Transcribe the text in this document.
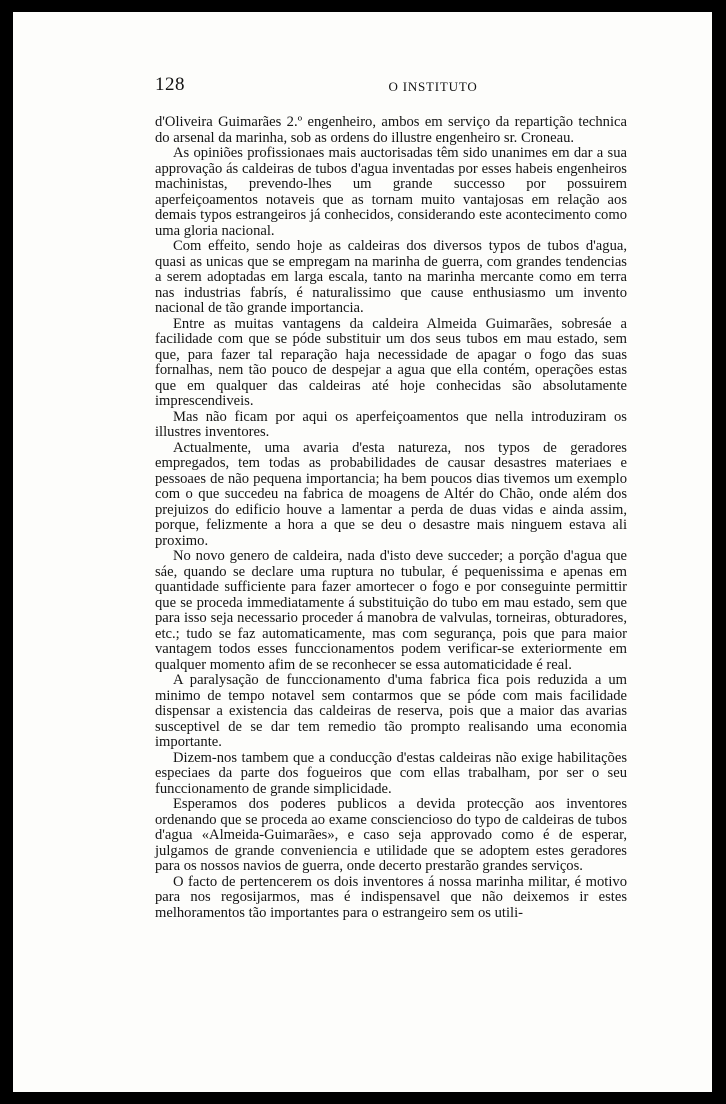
128	O INSTITUTO

d'Oliveira Guimarães 2.º engenheiro, ambos em serviço da repartição technica do arsenal da marinha, sob as ordens do illustre engenheiro sr. Croneau.

As opiniões profissionaes mais auctorisadas têm sido unanimes em dar a sua approvação ás caldeiras de tubos d'agua inventadas por esses habeis engenheiros machinistas, prevendo-lhes um grande successo por possuirem aperfeiçoamentos notaveis que as tornam muito vantajosas em relação aos demais typos estrangeiros já conhecidos, considerando este acontecimento como uma gloria nacional.

Com effeito, sendo hoje as caldeiras dos diversos typos de tubos d'agua, quasi as unicas que se empregam na marinha de guerra, com grandes tendencias a serem adoptadas em larga escala, tanto na marinha mercante como em terra nas industrias fabrís, é naturalissimo que cause enthusiasmo um invento nacional de tão grande importancia.

Entre as muitas vantagens da caldeira Almeida Guimarães, sobresáe a facilidade com que se póde substituir um dos seus tubos em mau estado, sem que, para fazer tal reparação haja necessidade de apagar o fogo das suas fornalhas, nem tão pouco de despejar a agua que ella contém, operações estas que em qualquer das caldeiras até hoje conhecidas são absolutamente imprescendiveis.

Mas não ficam por aqui os aperfeiçoamentos que nella introduziram os illustres inventores.

Actualmente, uma avaria d'esta natureza, nos typos de geradores empregados, tem todas as probabilidades de causar desastres materiaes e pessoaes de não pequena importancia; ha bem poucos dias tivemos um exemplo com o que succedeu na fabrica de moagens de Altér do Chão, onde além dos prejuizos do edificio houve a lamentar a perda de duas vidas e ainda assim, porque, felizmente a hora a que se deu o desastre mais ninguem estava ali proximo.

No novo genero de caldeira, nada d'isto deve succeder; a porção d'agua que sáe, quando se declare uma ruptura no tubular, é pequenissima e apenas em quantidade sufficiente para fazer amortecer o fogo e por conseguinte permittir que se proceda immediatamente á substituição do tubo em mau estado, sem que para isso seja necessario proceder á manobra de valvulas, torneiras, obturadores, etc.; tudo se faz automaticamente, mas com segurança, pois que para maior vantagem todos esses funccionamentos podem verificar-se exteriormente em qualquer momento afim de se reconhecer se essa automaticidade é real.

A paralysação de funccionamento d'uma fabrica fica pois reduzida a um minimo de tempo notavel sem contarmos que se póde com mais facilidade dispensar a existencia das caldeiras de reserva, pois que a maior das avarias susceptivel de se dar tem remedio tão prompto realisando uma economia importante.

Dizem-nos tambem que a conducção d'estas caldeiras não exige habilitações especiaes da parte dos fogueiros que com ellas trabalham, por ser o seu funccionamento de grande simplicidade.

Esperamos dos poderes publicos a devida protecção aos inventores ordenando que se proceda ao exame consciencioso do typo de caldeiras de tubos d'agua «Almeida-Guimarães», e caso seja approvado como é de esperar, julgamos de grande conveniencia e utilidade que se adoptem estes geradores para os nossos navios de guerra, onde decerto prestarão grandes serviços.

O facto de pertencerem os dois inventores á nossa marinha militar, é motivo para nos regosijarmos, mas é indispensavel que não deixemos ir estes melhoramentos tão importantes para o estrangeiro sem os utili-
